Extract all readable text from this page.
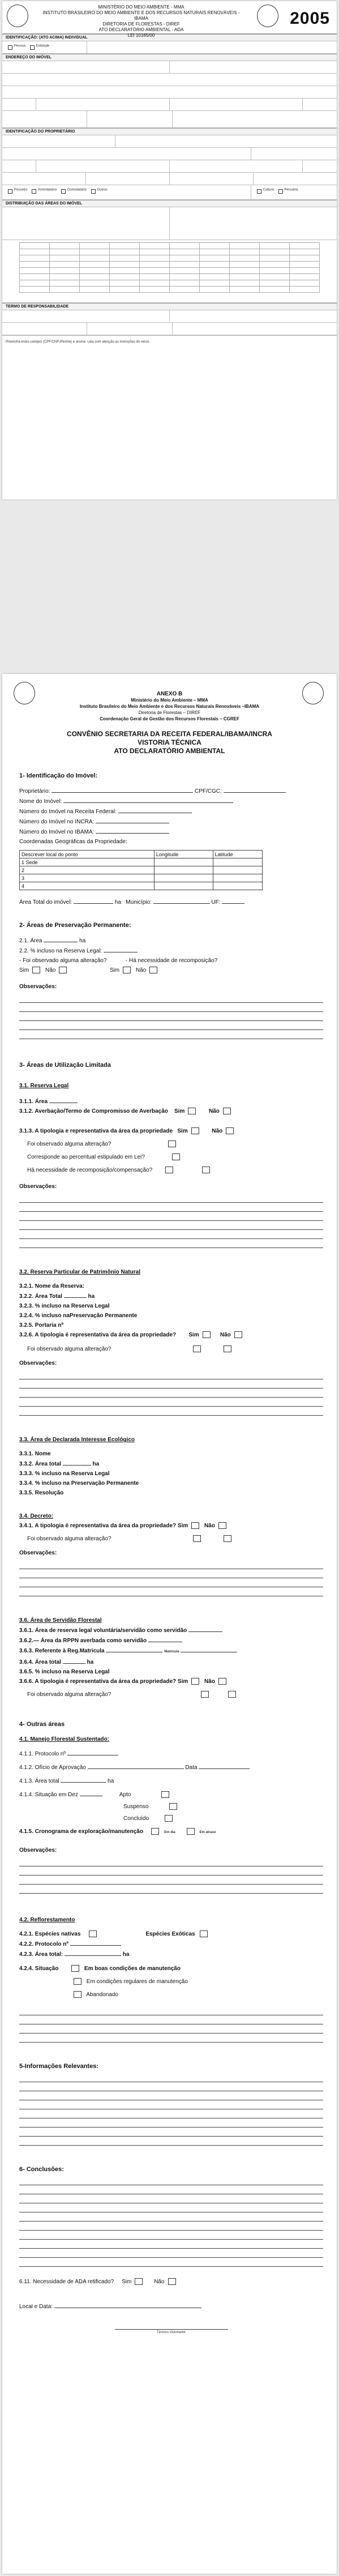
MINISTÉRIO DO MEIO AMBIENTE - MMA
INSTITUTO BRASILEIRO DO MEIO AMBIENTE E DOS RECURSOS NATURAIS RENOVÁVEIS - IBAMA
DIRETORIA DE FLORESTAS - DIREF
ATO DECLARATÓRIO AMBIENTAL - ADA
LEI 10165/00
2005
IDENTIFICAÇÃO: (ATO ACIMA) INDIVIDUAL
Pessoa	Entidade
ENDEREÇO DO IMÓVEL
IDENTIFICAÇÃO DO PROPRIETÁRIO
Posseiro	Arrendatário	Comodatário	Outros	Cultura	Pecuária
DISTRIBUIÇÃO DAS ÁREAS DO IMÓVEL

TERMO DE RESPONSABILIDADE
Preencha estes campos (CPF/CNPJ/Nome) e assine. Leia com atenção as instruções do verso.
ANEXO B
Ministério do Meio Ambiente – MMA
Instituto Brasileiro do Meio Ambiente e dos Recursos Naturais Renováveis –IBAMA
Diretoria de Florestas – DIREF
Coordenação Geral de Gestão dos Recursos Florestais – CGREF
CONVÊNIO SECRETARIA DA RECEITA FEDERAL/IBAMA/INCRA
VISTORIA TÉCNICA
ATO DECLARATÓRIO AMBIENTAL
1- Identificação do Imóvel:
Proprietário:	CPF/CGC:
Nome do Imóvel:
Número do Imóvel na Receita Federal:
Número do Imóvel no INCRA:
Número do Imóvel no IBAMA:
Coordenadas Geográficas da Propriedade:
Descrever local do ponto	Longitude	Latitude
1 Sede		
2		
3		
4		
Área Total do imóvel:	ha Município:	UF:
2- Áreas de Preservação Permanente:
2.1. Área	ha
2.2. % incluso na Reserva Legal:
- Foi observado alguma alteração?	- Há necessidade de recomposição?
Sim	Não	Sim	Não
Observações:
3- Áreas de Utilização Limitada
3.1. Reserva Legal
3.1.1. Área
3.1.2. Averbação/Termo de Compromisso de Averbação Sim	Não
3.1.3. A tipologia e representativa da área da propriedade Sim	Não
Foi observado alguma alteração?
Corresponde ao percentual estipulado em Lei?
Há necessidade de recomposição/compensação?
Observações:
3.2. Reserva Particular de Patrimônio Natural
3.2.1. Nome da Reserva:
3.2.2. Área Total	ha
3.2.3. % incluso na Reserva Legal
3.2.4. % incluso naPreservação Permanente
3.2.5. Portaria nº
3.2.6. A tipologia é representativa da área da propriedade? Sim	Não
Foi observado alguma alteração?
Observações:
3.3. Área de Declarada Interesse Ecológico
3.3.1. Nome
3.3.2. Área total	ha
3.3.3. % incluso na Reserva Legal
3.3.4. % incluso na Preservação Permanente
3.3.5. Resolução
3.4. Decreto:
3.4.1. A tipologia é representativa da área da propriedade? Sim	Não
Foi observado alguma alteração?
Observações:
3.6. Área de Servidão Florestal
3.6.1. Área de reserva legal voluntária/servidão como servidão
3.6.2.— Área da RPPN averbada como servidão
3.6.3. Referente à Reg.Matricula	Matricula
3.6.4. Área total	ha
3.6.5. % incluso na Reserva Legal
3.6.6. A tipologia é representativa da área da propriedade? Sim	Não
Foi observado alguma alteração?
4- Outras áreas
4.1. Manejo Florestal Sustentado:
4.1.1. Protocolo nº
4.1.2. Ofício de Aprovação	Data
4.1.3. Área total	ha
4.1.4. Situação em Dez	Apto
Suspenso
Concluído
4.1.5. Cronograma de exploração/manutenção	Em dia	Em atraso
Observações:
4.2. Reflorestamento
4.2.1. Espécies nativas	Espécies Exóticas
4.2.2. Protocolo nº
4.2.3. Área total:	ha
4.2.4. Situação	Em boas condições de manutenção
Em condições regulares de manutenção
Abandonado
5-Informações Relevantes:
6- Conclusões:
6.11. Necessidade de ADA retificado? Sim	Não
Local e Data:
Técnico Vistoriador
